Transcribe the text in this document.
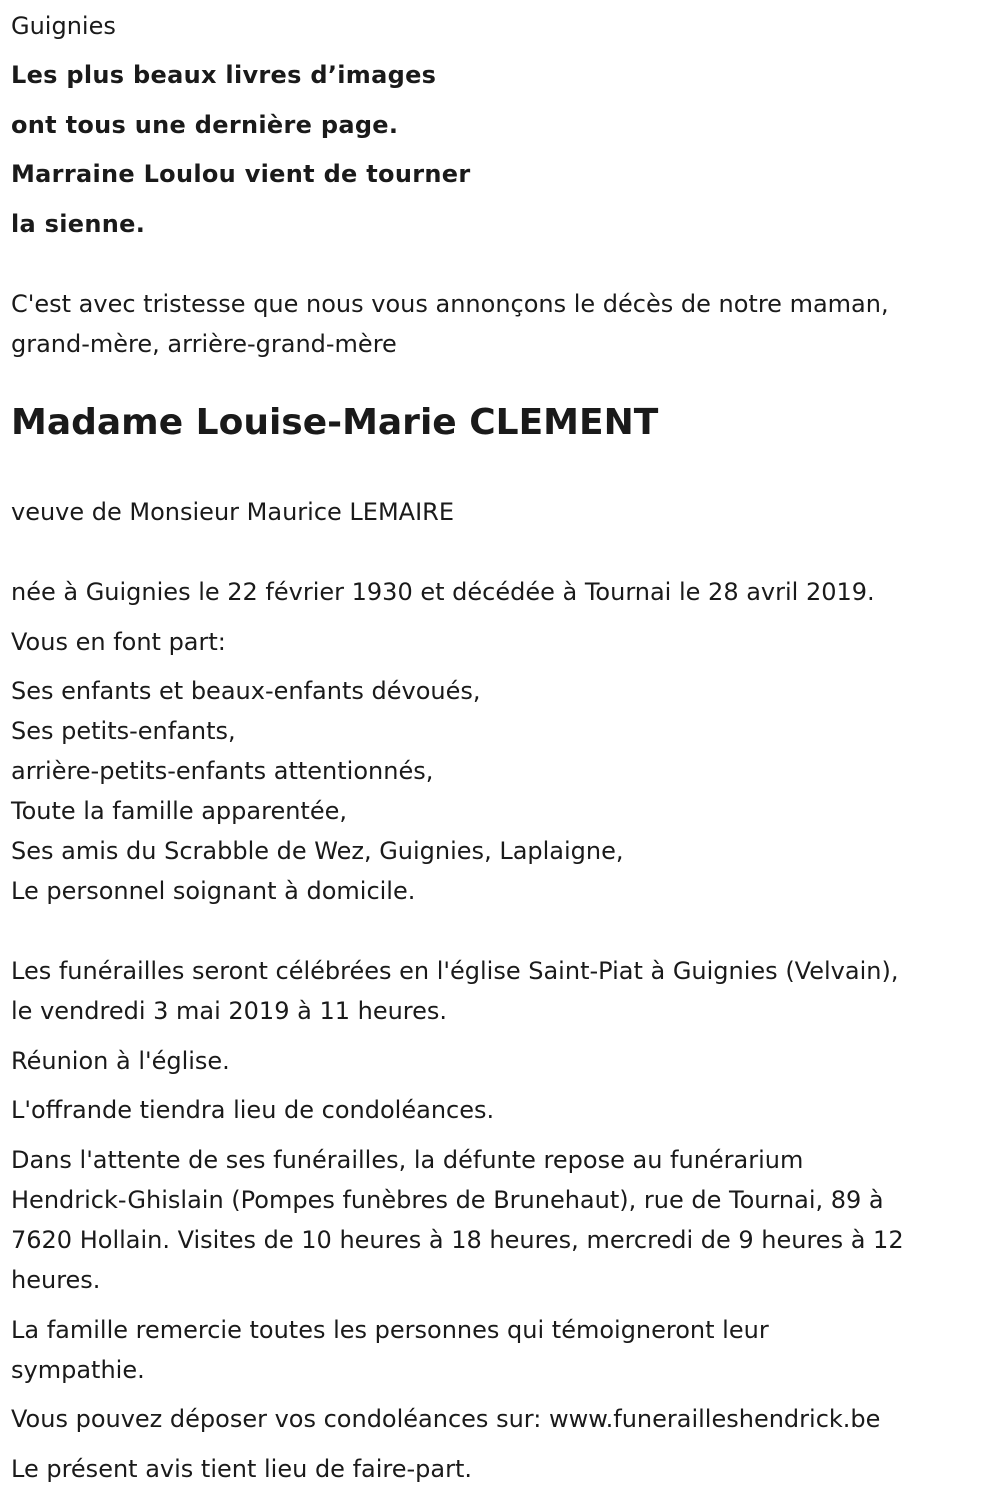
Guignies
Les plus beaux livres d’images
ont tous une dernière page.
Marraine Loulou vient de tourner
la sienne.
C'est avec tristesse que nous vous annonçons le décès de notre maman,
grand-mère, arrière-grand-mère
Madame Louise-Marie CLEMENT
veuve de Monsieur Maurice LEMAIRE
née à Guignies le 22 février 1930 et décédée à Tournai le 28 avril 2019.
Vous en font part:
Ses enfants et beaux-enfants dévoués,
Ses petits-enfants,
arrière-petits-enfants attentionnés,
Toute la famille apparentée,
Ses amis du Scrabble de Wez, Guignies, Laplaigne,
Le personnel soignant à domicile.
Les funérailles seront célébrées en l'église Saint-Piat à Guignies (Velvain),
le vendredi 3 mai 2019 à 11 heures.
Réunion à l'église.
L'offrande tiendra lieu de condoléances.
Dans l'attente de ses funérailles, la défunte repose au funérarium
Hendrick-Ghislain (Pompes funèbres de Brunehaut), rue de Tournai, 89 à
7620 Hollain. Visites de 10 heures à 18 heures, mercredi de 9 heures à 12
heures.
La famille remercie toutes les personnes qui témoigneront leur
sympathie.
Vous pouvez déposer vos condoléances sur: www.funerailleshendrick.be
Le présent avis tient lieu de faire-part.
